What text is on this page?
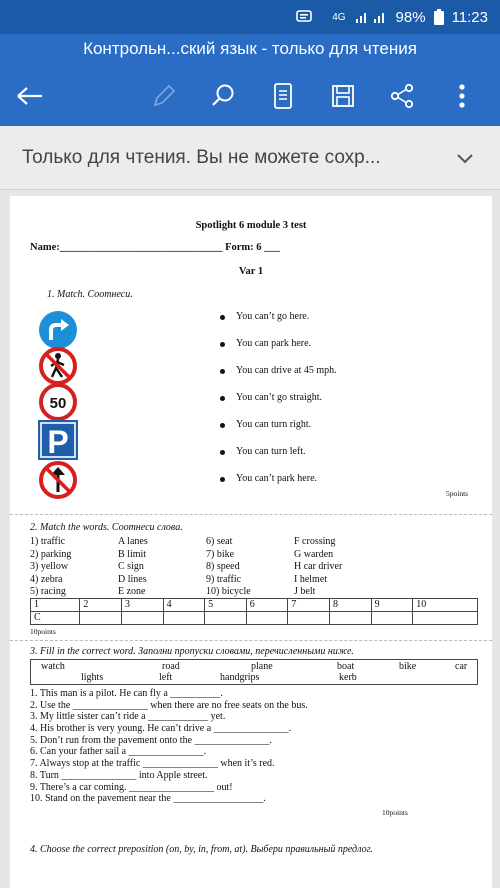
4G	98% 11:23
Контрольн...ский язык - только для чтения
Только для чтения. Вы не можете сохр...
Spotlight 6 module 3 test
Name:_______________________________ Form: 6 ___
Var 1
1. Match. Соотнеси.
50
P
You can’t go here.
You can park here.
You can drive at 45 mph.
You can’t go straight.
You can turn right.
You can turn left.
You can’t park here.
5points
2. Match the words. Соотнеси слова.
1) traffic	A lanes	6) seat	F crossing
2) parking	B limit	7) bike	G warden
3) yellow	C sign	8) speed	H car driver
4) zebra	D lines	9) traffic	I helmet
5) racing	E zone	10) bicycle	J belt
1	2	3	4	5	6	7	8	9	10
C									
10points
3. Fill in the correct word. Заполни пропуски словами, перечисленными ниже.
watch	road	plane	boat	bike	car
lights	left	handgrips	kerb
1. This man is a pilot. He can fly a __________.
2. Use the _______________ when there are no free seats on the bus.
3. My little sister can’t ride a ____________ yet.
4. His brother is very young. He can’t drive a _______________.
5. Don’t run from the pavement onto the _______________.
6. Can your father sail a _______________.
7. Always stop at the traffic _______________ when it’s red.
8. Turn _______________ into Apple street.
9. There’s a car coming. _________________ out!
10. Stand on the pavement near the __________________.
10points
4. Choose the correct preposition (on, by, in, from, at). Выбери правильный предлог.
